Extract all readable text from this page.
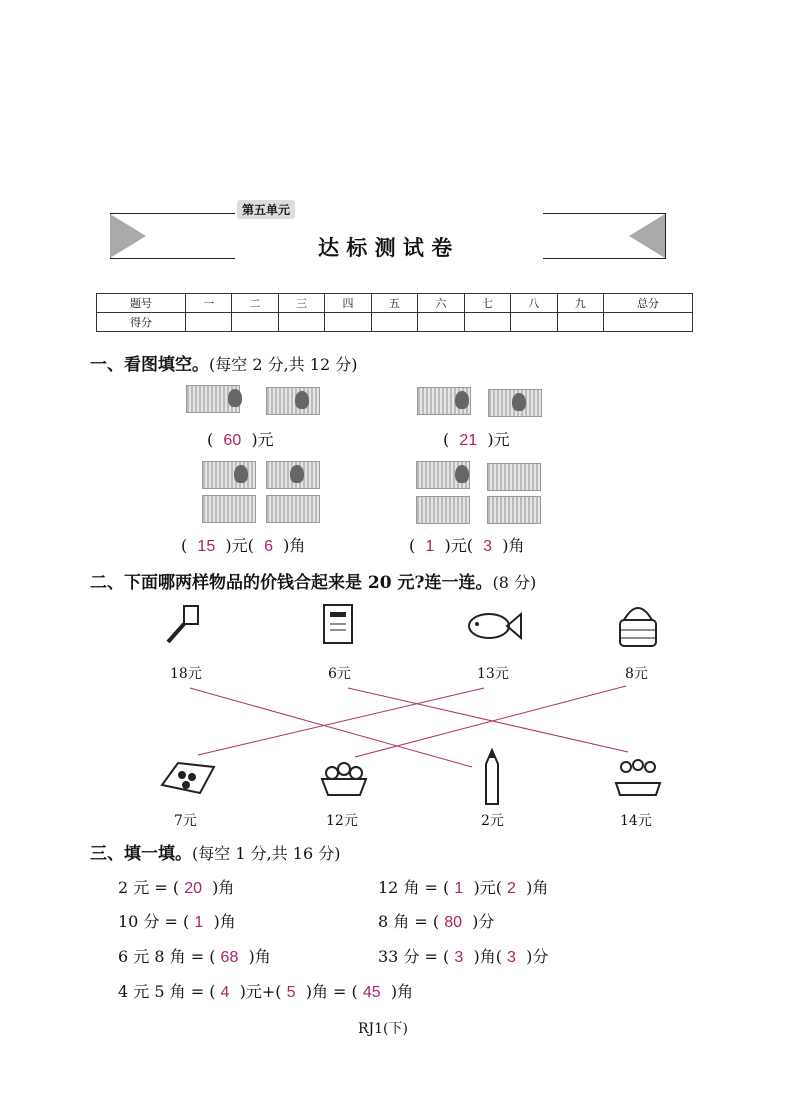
第五单元
达 标 测 试 卷
题号	一	二	三	四	五	六	七	八	九	总分
得分										
一、看图填空。(每空 2 分,共 12 分)
(  60  )元	(  21  )元
(  15  )元(  6  )角	(  1  )元(  3  )角
二、下面哪两样物品的价钱合起来是 20 元?连一连。(8 分)
18元	6元	13元	8元
7元	12元	2元	14元
三、填一填。(每空 1 分,共 16 分)
2 元 = ( 20 )角	12 角 = ( 1 )元( 2 )角
10 分 = ( 1 )角	8 角 = ( 80 )分
6 元 8 角 = ( 68 )角	33 分 = ( 3 )角( 3 )分
4 元 5 角 = ( 4 )元+( 5 )角 = ( 45 )角
RJ1(下)
